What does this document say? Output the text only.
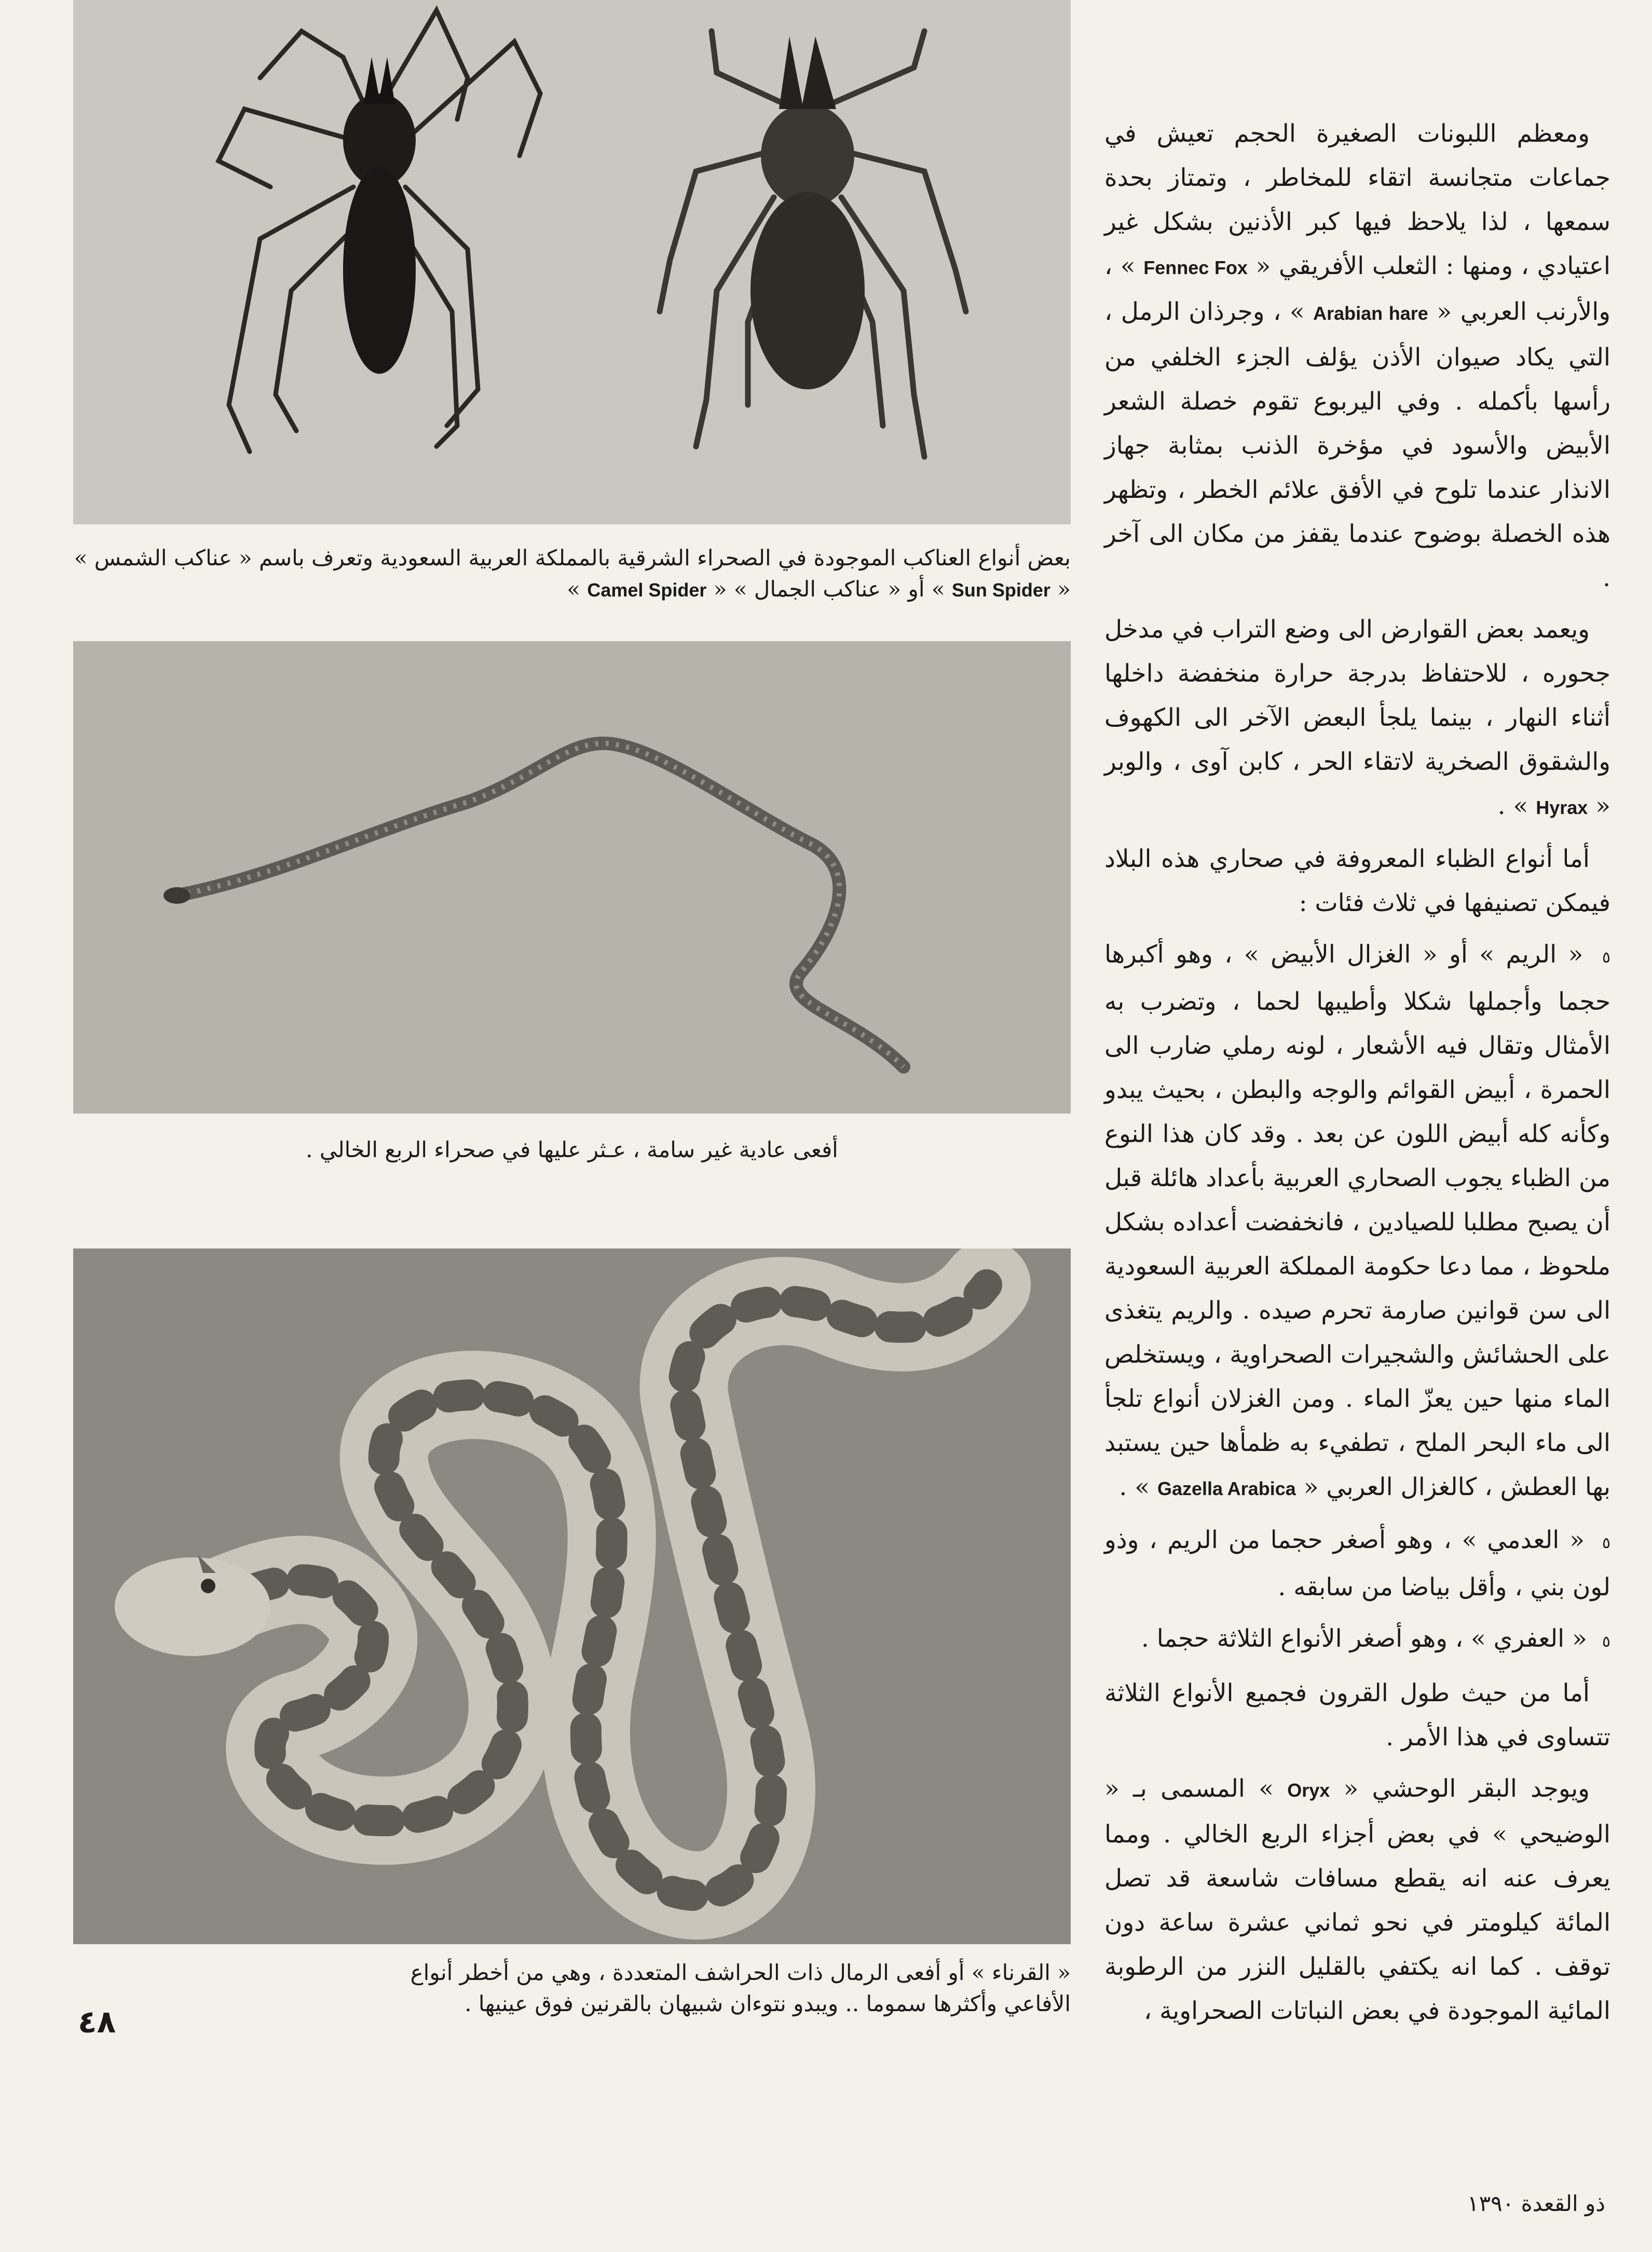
بعض أنواع العناكب الموجودة في الصحراء الشرقية بالمملكة العربية السعودية وتعرف باسم « عناكب الشمس »
« Sun Spider » أو « عناكب الجمال » « Camel Spider »
أفعى عادية غير سامة ، عـثر عليها في صحراء الربع الخالي .
« القرناء » أو أفعى الرمال ذات الحراشف المتعددة ، وهي من أخطر أنواع
الأفاعي وأكثرها سموما .. ويبدو نتوءان شبيهان بالقرنين فوق عينيها .

ومعظم اللبونات الصغيرة الحجم تعيش في جماعات متجانسة اتقاء للمخاطر ، وتمتاز بحدة سمعها ، لذا يلاحظ فيها كبر الأذنين بشكل غير اعتيادي ، ومنها : الثعلب الأفريقي « Fennec Fox » ، والأرنب العربي « Arabian hare » ، وجرذان الرمل ، التي يكاد صيوان الأذن يؤلف الجزء الخلفي من رأسها بأكمله . وفي اليربوع تقوم خصلة الشعر الأبيض والأسود في مؤخرة الذنب بمثابة جهاز الانذار عندما تلوح في الأفق علائم الخطر ، وتظهر هذه الخصلة بوضوح عندما يقفز من مكان الى آخر .

ويعمد بعض القوارض الى وضع التراب في مدخل جحوره ، للاحتفاظ بدرجة حرارة منخفضة داخلها أثناء النهار ، بينما يلجأ البعض الآخر الى الكهوف والشقوق الصخرية لاتقاء الحر ، كابن آوى ، والوبر « Hyrax » .

أما أنواع الظباء المعروفة في صحاري هذه البلاد فيمكن تصنيفها في ثلاث فئات :

٥ « الريم » أو « الغزال الأبيض » ، وهو أكبرها حجما وأجملها شكلا وأطيبها لحما ، وتضرب به الأمثال وتقال فيه الأشعار ، لونه رملي ضارب الى الحمرة ، أبيض القوائم والوجه والبطن ، بحيث يبدو وكأنه كله أبيض اللون عن بعد . وقد كان هذا النوع من الظباء يجوب الصحاري العربية بأعداد هائلة قبل أن يصبح مطلبا للصيادين ، فانخفضت أعداده بشكل ملحوظ ، مما دعا حكومة المملكة العربية السعودية الى سن قوانين صارمة تحرم صيده . والريم يتغذى على الحشائش والشجيرات الصحراوية ، ويستخلص الماء منها حين يعزّ الماء . ومن الغزلان أنواع تلجأ الى ماء البحر الملح ، تطفيء به ظمأها حين يستبد بها العطش ، كالغزال العربي « Gazella Arabica » .

٥ « العدمي » ، وهو أصغر حجما من الريم ، وذو لون بني ، وأقل بياضا من سابقه .

٥ « العفري » ، وهو أصغر الأنواع الثلاثة حجما .

أما من حيث طول القرون فجميع الأنواع الثلاثة تتساوى في هذا الأمر .

ويوجد البقر الوحشي « Oryx » المسمى بـ « الوضيحي » في بعض أجزاء الربع الخالي . ومما يعرف عنه انه يقطع مسافات شاسعة قد تصل المائة كيلومتر في نحو ثماني عشرة ساعة دون توقف . كما انه يكتفي بالقليل النزر من الرطوبة المائية الموجودة في بعض النباتات الصحراوية ،

٤٨
ذو القعدة ١٣٩٠
